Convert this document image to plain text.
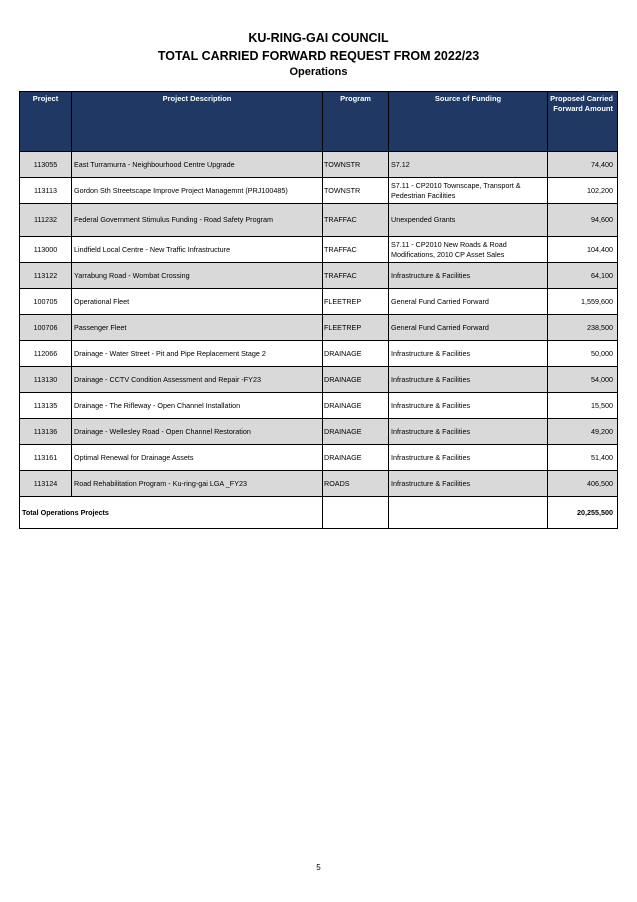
KU-RING-GAI COUNCIL
TOTAL CARRIED FORWARD REQUEST FROM 2022/23
Operations
Project	Project Description	Program	Source of Funding	Proposed Carried Forward Amount
113055	East Turramurra - Neighbourhood Centre Upgrade	TOWNSTR	S7.12	74,400
113113	Gordon Sth Streetscape Improve Project Managemnt (PRJ100485)	TOWNSTR	S7.11 - CP2010 Townscape, Transport & Pedestrian Facilities	102,200
111232	Federal Government Stimulus Funding - Road Safety Program	TRAFFAC	Unexpended Grants	94,600
113000	Lindfield Local Centre - New Traffic Infrastructure	TRAFFAC	S7.11 - CP2010 New Roads & Road Modifications, 2010 CP Asset Sales	104,400
113122	Yarrabung Road - Wombat Crossing	TRAFFAC	Infrastructure & Facilities	64,100
100705	Operational Fleet	FLEETREP	General Fund Carried Forward	1,559,600
100706	Passenger Fleet	FLEETREP	General Fund Carried Forward	238,500
112066	Drainage - Water Street - Pit and Pipe Replacement Stage 2	DRAINAGE	Infrastructure & Facilities	50,000
113130	Drainage - CCTV Condition Assessment and Repair -FY23	DRAINAGE	Infrastructure & Facilities	54,000
113135	Drainage - The Rifleway - Open Channel Installation	DRAINAGE	Infrastructure & Facilities	15,500
113136	Drainage - Wellesley Road - Open Channel Restoration	DRAINAGE	Infrastructure & Facilities	49,200
113161	Optimal Renewal for Drainage Assets	DRAINAGE	Infrastructure & Facilities	51,400
113124	Road Rehabilitation Program - Ku-ring-gai LGA _FY23	ROADS	Infrastructure & Facilities	406,500
Total Operations Projects				20,255,500
5
